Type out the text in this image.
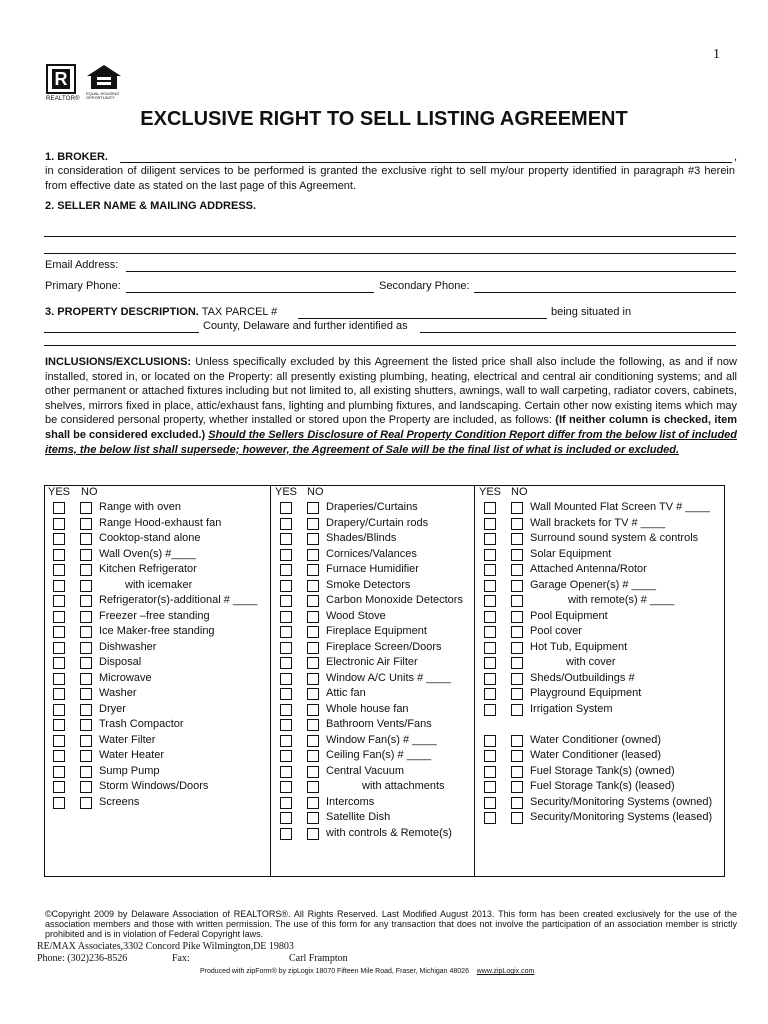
1
R
REALTOR®
EQUAL HOUSING OPPORTUNITY
EXCLUSIVE RIGHT TO SELL LISTING AGREEMENT
1. BROKER.	,
in consideration of diligent services to be performed is granted the exclusive right to sell my/our property identified in paragraph #3 herein from effective date as stated on the last page of this Agreement.
2. SELLER NAME & MAILING ADDRESS.
Email Address:
Primary Phone:	Secondary Phone:
3. PROPERTY DESCRIPTION. TAX PARCEL #	being situated in
County, Delaware and further identified as
INCLUSIONS/EXCLUSIONS: Unless specifically excluded by this Agreement the listed price shall also include the following, as and if now installed, stored in, or located on the Property: all presently existing plumbing, heating, electrical and central air conditioning systems; and all other permanent or attached fixtures including but not limited to, all existing shutters, awnings, wall to wall carpeting, radiator covers, cabinets, shelves, mirrors fixed in place, attic/exhaust fans, lighting and plumbing fixtures, and landscaping. Certain other now existing items which may be considered personal property, whether installed or stored upon the Property are included, as follows: (If neither column is checked, item shall be considered excluded.) Should the Sellers Disclosure of Real Property Condition Report differ from the below list of included items, the below list shall supersede; however, the Agreement of Sale will be the final list of what is included or excluded.
YES NO	YES NO	YES NO
Range with oven
Range Hood-exhaust fan
Cooktop-stand alone
Wall Oven(s) #____
Kitchen Refrigerator
with icemaker
Refrigerator(s)-additional # ____
Freezer –free standing
Ice Maker-free standing
Dishwasher
Disposal
Microwave
Washer
Dryer
Trash Compactor
Water Filter
Water Heater
Sump Pump
Storm Windows/Doors
Screens
Draperies/Curtains
Drapery/Curtain rods
Shades/Blinds
Cornices/Valances
Furnace Humidifier
Smoke Detectors
Carbon Monoxide Detectors
Wood Stove
Fireplace Equipment
Fireplace Screen/Doors
Electronic Air Filter
Window A/C Units # ____
Attic fan
Whole house fan
Bathroom Vents/Fans
Window Fan(s) # ____
Ceiling Fan(s) # ____
Central Vacuum
with attachments
Intercoms
Satellite Dish
with controls & Remote(s)
Wall Mounted Flat Screen TV # ____
Wall brackets for TV # ____
Surround sound system & controls
Solar Equipment
Attached Antenna/Rotor
Garage Opener(s) # ____
with remote(s) # ____
Pool Equipment
Pool cover
Hot Tub, Equipment
with cover
Sheds/Outbuildings #
Playground Equipment
Irrigation System
Water Conditioner (owned)
Water Conditioner (leased)
Fuel Storage Tank(s) (owned)
Fuel Storage Tank(s) (leased)
Security/Monitoring Systems (owned)
Security/Monitoring Systems (leased)
©Copyright 2009 by Delaware Association of REALTORS®. All Rights Reserved. Last Modified August 2013. This form has been created exclusively for the use of the association members and those with written permission. The use of this form for any transaction that does not involve the participation of an association member is strictly prohibited and is in violation of Federal Copyright laws.
RE/MAX Associates,3302 Concord Pike Wilmington,DE 19803
Phone: (302)236-8526	Fax:	Carl Frampton
Produced with zipForm® by zipLogix 18070 Fifteen Mile Road, Fraser, Michigan 48026 www.zipLogix.com
